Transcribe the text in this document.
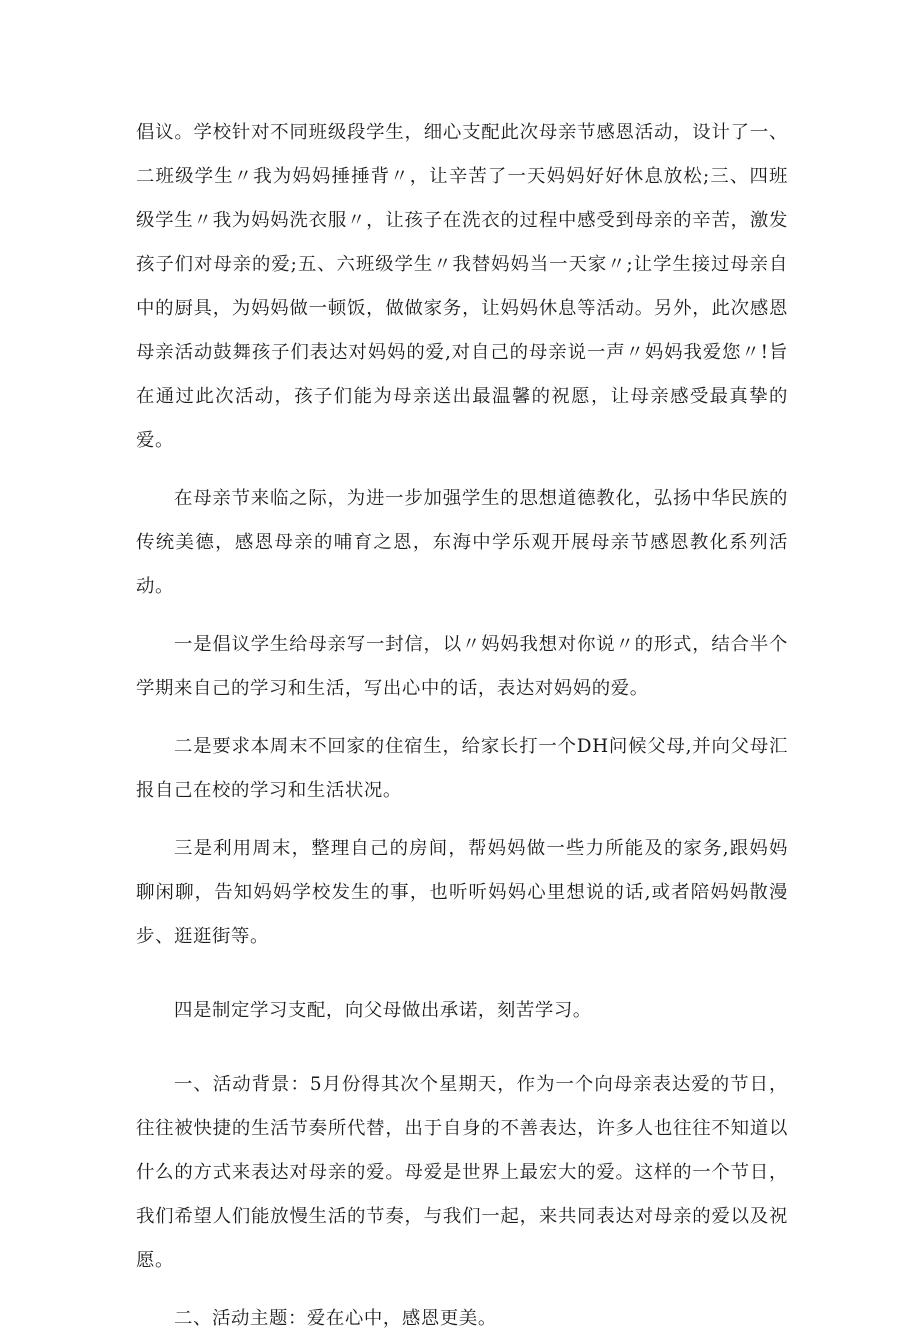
倡议。学校针对不同班级段学生，细心支配此次母亲节感恩活动，设计了一、二班级学生〃我为妈妈捶捶背〃，让辛苦了一天妈妈好好休息放松;三、四班级学生〃我为妈妈洗衣服〃，让孩子在洗衣的过程中感受到母亲的辛苦，激发孩子们对母亲的爱;五、六班级学生〃我替妈妈当一天家〃;让学生接过母亲自中的厨具，为妈妈做一顿饭，做做家务，让妈妈休息等活动。另外，此次感恩母亲活动鼓舞孩子们表达对妈妈的爱,对自己的母亲说一声〃妈妈我爱您〃!旨在通过此次活动，孩子们能为母亲送出最温馨的祝愿，让母亲感受最真挚的爱。

在母亲节来临之际，为进一步加强学生的思想道德教化，弘扬中华民族的传统美德，感恩母亲的哺育之恩，东海中学乐观开展母亲节感恩教化系列活动。

一是倡议学生给母亲写一封信，以〃妈妈我想对你说〃的形式，结合半个学期来自己的学习和生活，写出心中的话，表达对妈妈的爱。

二是要求本周末不回家的住宿生，给家长打一个DH问候父母,并向父母汇报自己在校的学习和生活状况。

三是利用周末，整理自己的房间，帮妈妈做一些力所能及的家务,跟妈妈聊闲聊，告知妈妈学校发生的事，也听听妈妈心里想说的话,或者陪妈妈散漫步、逛逛街等。

四是制定学习支配，向父母做出承诺，刻苦学习。

一、活动背景：5月份得其次个星期天，作为一个向母亲表达爱的节日，往往被快捷的生活节奏所代替，出于自身的不善表达，许多人也往往不知道以什么的方式来表达对母亲的爱。母爱是世界上最宏大的爱。这样的一个节日，我们希望人们能放慢生活的节奏，与我们一起，来共同表达对母亲的爱以及祝愿。

二、活动主题：爱在心中，感恩更美。
